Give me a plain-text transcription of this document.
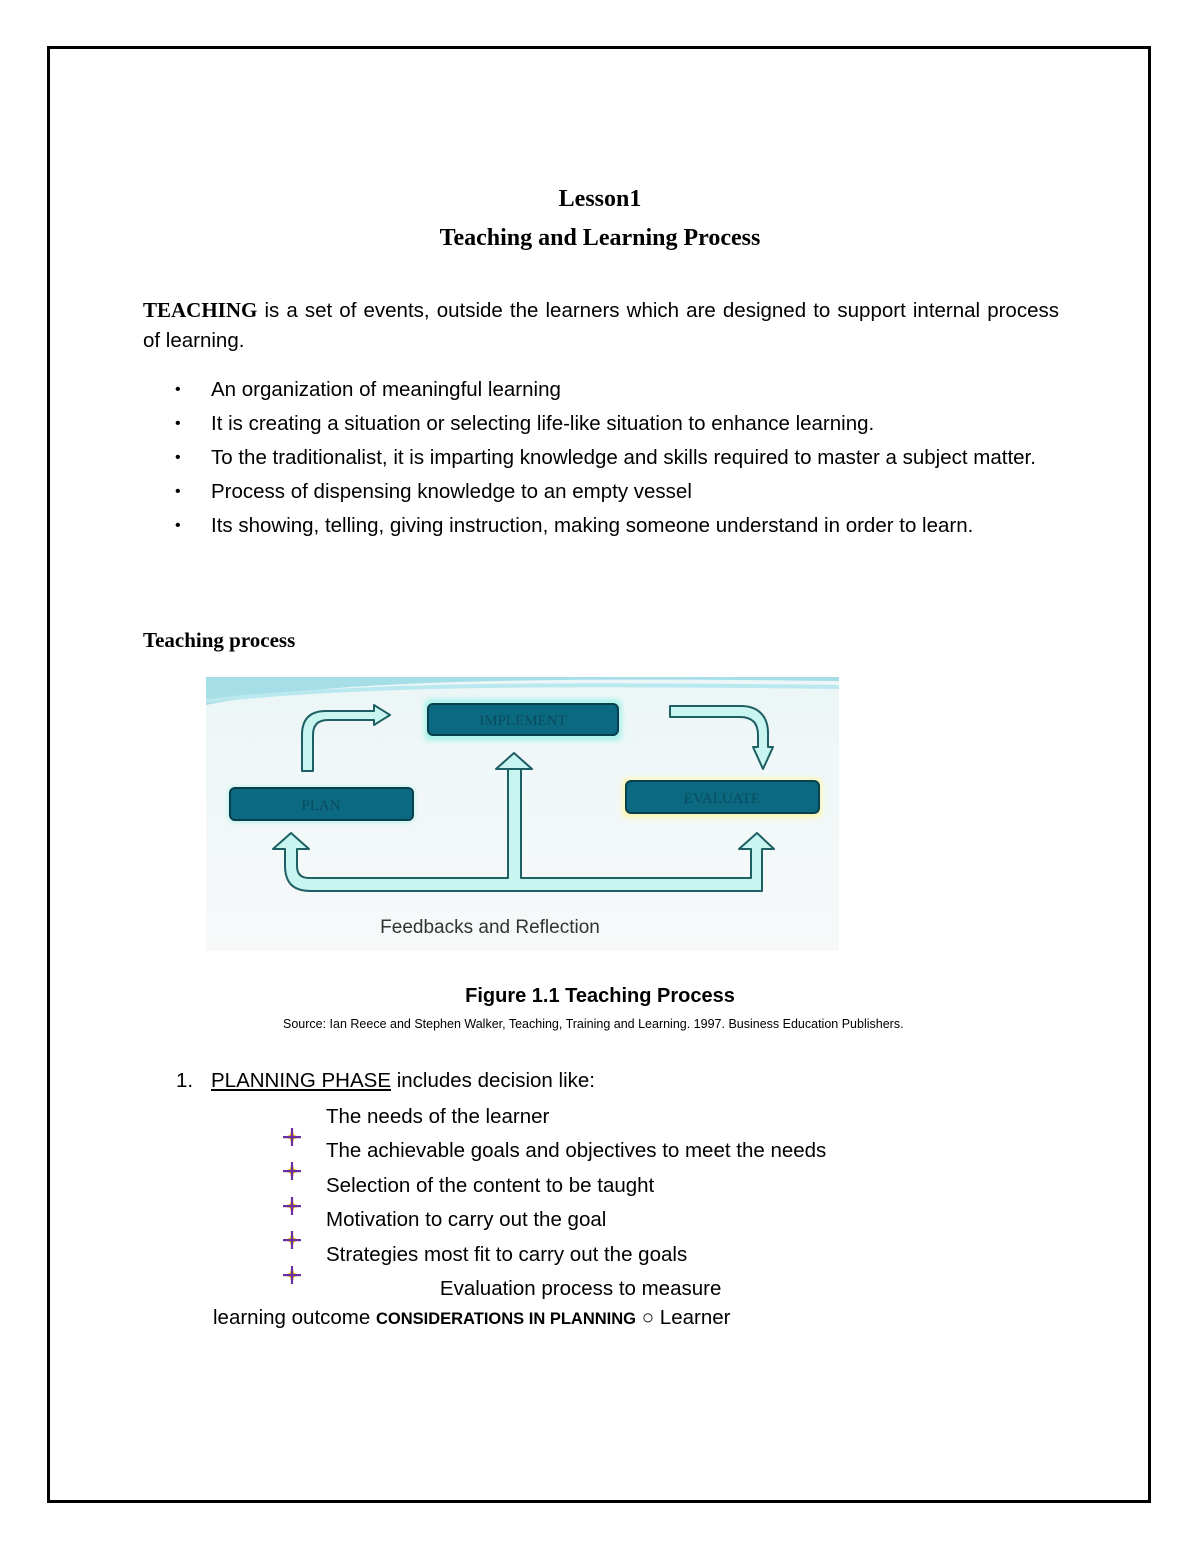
Lesson1
Teaching and Learning Process
TEACHING is a set of events, outside the learners which are designed to support internal process of learning.
• An organization of meaningful learning
• It is creating a situation or selecting life-like situation to enhance learning.
• To the traditionalist, it is imparting knowledge and skills required to master a subject matter.
• Process of dispensing knowledge to an empty vessel
• Its showing, telling, giving instruction, making someone understand in order to learn.
Teaching process
IMPLEMENT
PLAN	EVALUATE
Feedbacks and Reflection
Figure 1.1 Teaching Process
Source: Ian Reece and Stephen Walker, Teaching, Training and Learning. 1997. Business Education Publishers.
1. PLANNING PHASE includes decision like:
The needs of the learner
The achievable goals and objectives to meet the needs
Selection of the content to be taught
Motivation to carry out the goal
Strategies most fit to carry out the goals
Evaluation process to measure
learning outcome CONSIDERATIONS IN PLANNING ○ Learner
